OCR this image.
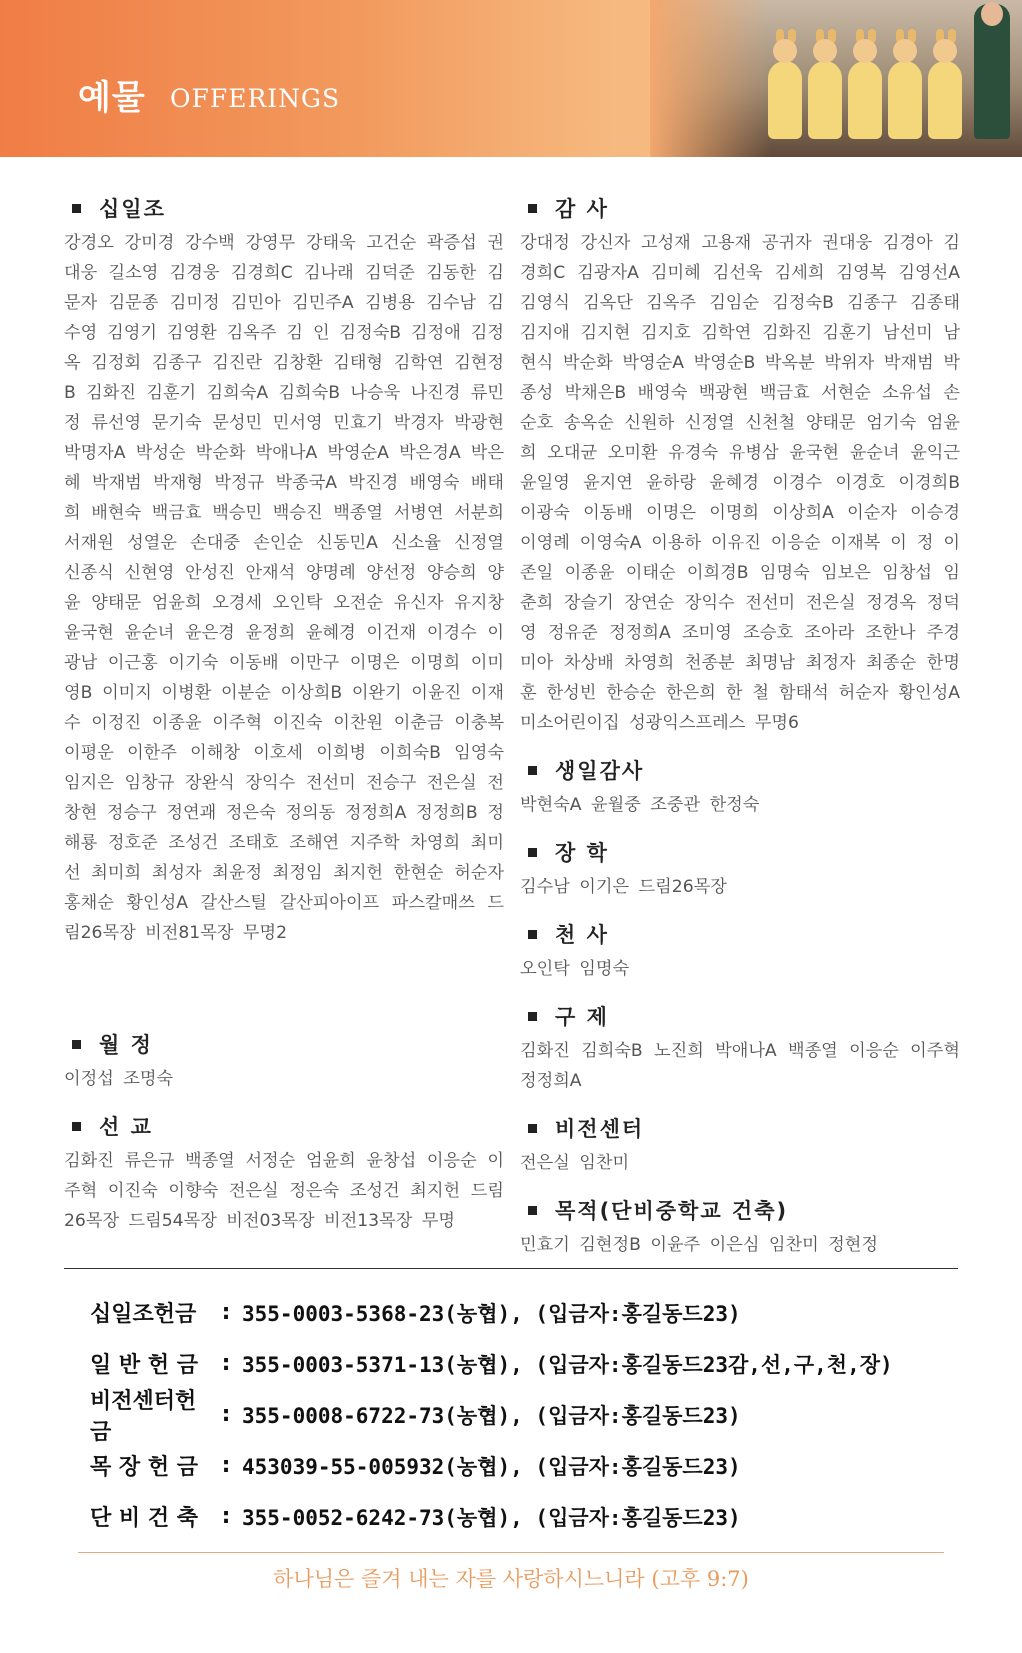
예물 OFFERINGS
십일조
강경오 강미경 강수백 강영무 강태욱 고건순 곽증섭 권대웅 길소영 김경웅 김경희C 김나래 김덕준 김동한 김문자 김문종 김미정 김민아 김민주A 김병용 김수남 김수영 김영기 김영환 김옥주 김 인 김정숙B 김정애 김정옥 김정회 김종구 김진란 김창환 김태형 김학연 김현정B 김화진 김훈기 김희숙A 김희숙B 나승욱 나진경 류민정 류선영 문기숙 문성민 민서영 민효기 박경자 박광현 박명자A 박성순 박순화 박애나A 박영순A 박은경A 박은혜 박재범 박재형 박정규 박종국A 박진경 배영숙 배태희 배현숙 백금효 백승민 백승진 백종열 서병연 서분희 서재원 성열운 손대중 손인순 신동민A 신소율 신정열 신종식 신현영 안성진 안재석 양명례 양선정 양승희 양 윤 양태문 엄윤희 오경세 오인탁 오전순 유신자 유지창 윤국현 윤순녀 윤은경 윤정희 윤혜경 이건재 이경수 이광남 이근홍 이기숙 이동배 이만구 이명은 이명희 이미영B 이미지 이병환 이분순 이상희B 이완기 이윤진 이재수 이정진 이종윤 이주혁 이진숙 이찬원 이춘금 이충복 이평운 이한주 이해창 이호세 이희병 이희숙B 임영숙 임지은 임창규 장완식 장익수 전선미 전승구 전은실 전창현 정승구 정연괘 정은숙 정의동 정정희A 정정희B 정해룡 정호준 조성건 조태호 조해연 지주학 차영희 최미선 최미희 최성자 최윤정 최정임 최지헌 한현순 허순자 홍채순 황인성A 갈산스틸 갈산피아이프 파스칼매쓰 드림26목장 비전81목장 무명2
월 정
이정섭 조명숙
선 교
김화진 류은규 백종열 서정순 엄윤희 윤창섭 이응순 이주혁 이진숙 이향숙 전은실 정은숙 조성건 최지헌 드림26목장 드림54목장 비전03목장 비전13목장 무명
감 사
강대정 강신자 고성재 고용재 공귀자 권대웅 김경아 김경희C 김광자A 김미혜 김선욱 김세희 김영복 김영선A 김영식 김옥단 김옥주 김임순 김정숙B 김종구 김종태 김지애 김지현 김지호 김학연 김화진 김훈기 남선미 남현식 박순화 박영순A 박영순B 박옥분 박위자 박재범 박종성 박채은B 배영숙 백광현 백금효 서현순 소유섭 손순호 송옥순 신원하 신정열 신천철 양태문 엄기숙 엄윤희 오대균 오미환 유경숙 유병삼 윤국현 윤순녀 윤익근 윤일영 윤지연 윤하랑 윤혜경 이경수 이경호 이경희B 이광숙 이동배 이명은 이명희 이상희A 이순자 이승경 이영례 이영숙A 이용하 이유진 이응순 이재복 이 정 이존일 이종윤 이태순 이희경B 임명숙 임보은 임창섭 임춘희 장슬기 장연순 장익수 전선미 전은실 정경옥 정덕영 정유준 정정희A 조미영 조승호 조아라 조한나 주경미아 차상배 차영희 천종분 최명남 최정자 최종순 한명훈 한성빈 한승순 한은희 한 철 함태석 허순자 황인성A 미소어린이집 성광익스프레스 무명6
생일감사
박현숙A 윤월중 조중관 한정숙
장 학
김수남 이기은 드림26목장
천 사
오인탁 임명숙
구 제
김화진 김희숙B 노진희 박애나A 백종열 이응순 이주혁 정정희A
비전센터
전은실 임찬미
목적(단비중학교 건축)
민효기 김현정B 이윤주 이은심 임찬미 정현정
십일조헌금	: 355-0003-5368-23(농협), (입금자:홍길동드23)
일 반 헌 금	: 355-0003-5371-13(농협), (입금자:홍길동드23감,선,구,천,장)
비전센터헌금
: 355-0008-6722-73(농협), (입금자:홍길동드23)
목 장 헌 금	: 453039-55-005932(농협), (입금자:홍길동드23)
단 비 건 축	: 355-0052-6242-73(농협), (입금자:홍길동드23)
하나님은 즐겨 내는 자를 사랑하시느니라 (고후 9:7)
